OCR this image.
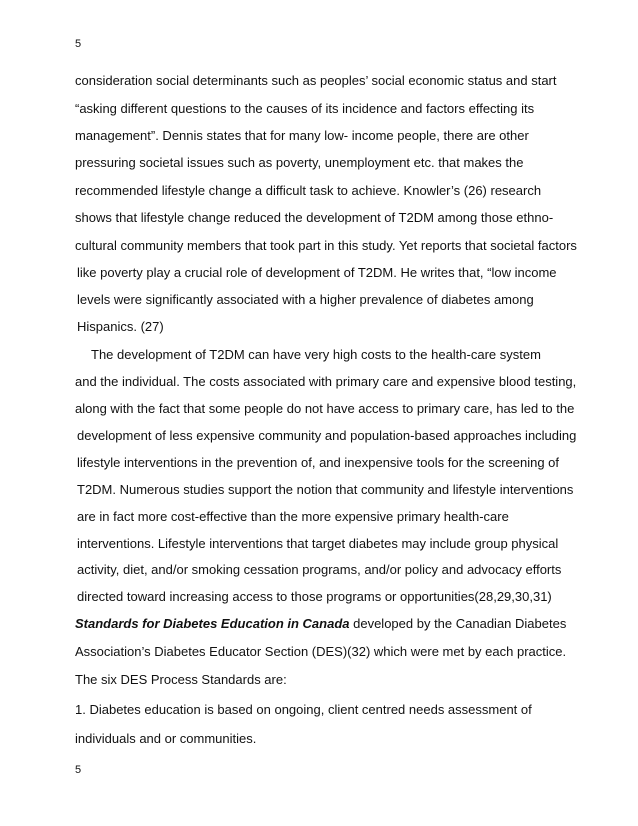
5
consideration social determinants such as peoples’ social economic status and start
“asking different questions to the causes of its incidence and factors effecting its
management”. Dennis states that for many low- income people, there are other
pressuring societal issues such as poverty, unemployment etc. that makes the
recommended lifestyle change a difficult task to achieve. Knowler’s (26) research
shows that lifestyle change reduced the development of T2DM among those ethno-
cultural community members that took part in this study. Yet reports that societal factors
like poverty play a crucial role of development of T2DM. He writes that, “low income
levels were significantly associated with a higher prevalence of diabetes among
Hispanics. (27)
The development of T2DM can have very high costs to the health-care system
and the individual. The costs associated with primary care and expensive blood testing,
along with the fact that some people do not have access to primary care, has led to the
development of less expensive community and population-based approaches including
lifestyle interventions in the prevention of, and inexpensive tools for the screening of
T2DM. Numerous studies support the notion that community and lifestyle interventions
are in fact more cost-effective than the more expensive primary health-care
interventions. Lifestyle interventions that target diabetes may include group physical
activity, diet, and/or smoking cessation programs, and/or policy and advocacy efforts
directed toward increasing access to those programs or opportunities(28,29,30,31)
Standards for Diabetes Education in Canada developed by the Canadian Diabetes
Association’s Diabetes Educator Section (DES)(32) which were met by each practice.
The six DES Process Standards are:
1. Diabetes education is based on ongoing, client centred needs assessment of
individuals and or communities.
5
